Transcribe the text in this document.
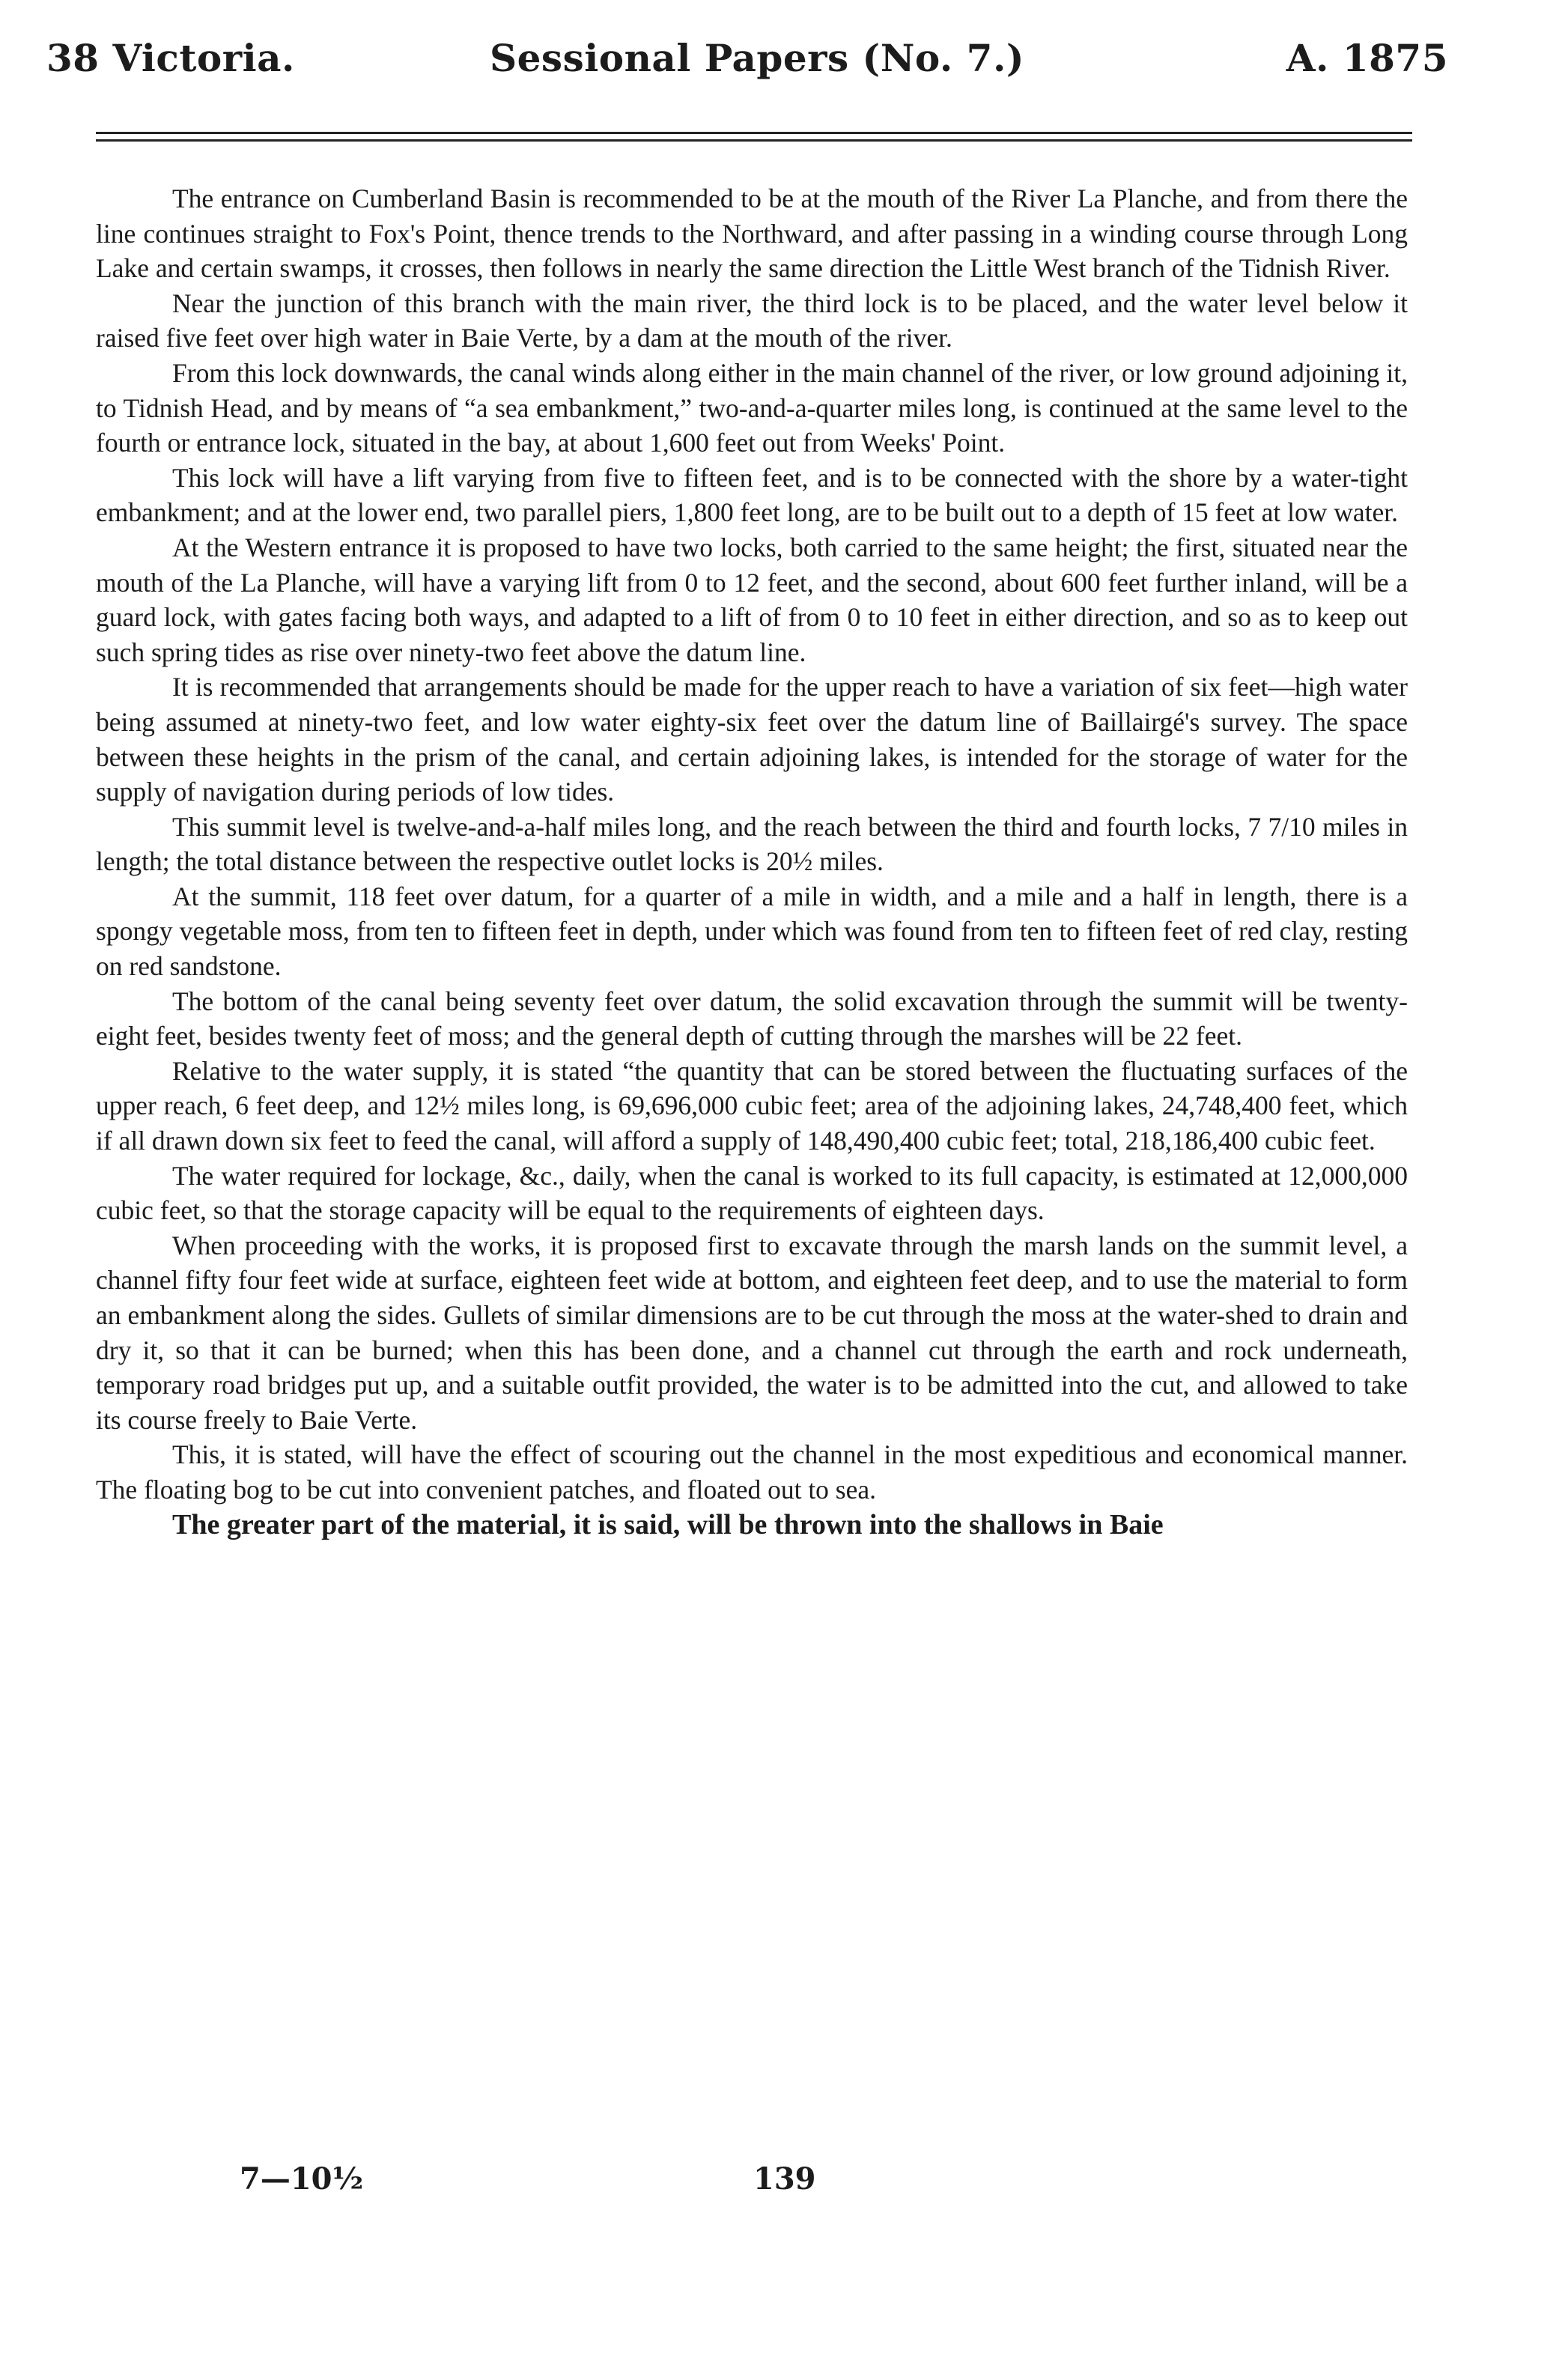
38 Victoria.	Sessional Papers (No. 7.)	A. 1875

The entrance on Cumberland Basin is recommended to be at the mouth of the River La Planche, and from there the line continues straight to Fox's Point, thence trends to the Northward, and after passing in a winding course through Long Lake and certain swamps, it crosses, then follows in nearly the same direction the Little West branch of the Tidnish River.

Near the junction of this branch with the main river, the third lock is to be placed, and the water level below it raised five feet over high water in Baie Verte, by a dam at the mouth of the river.

From this lock downwards, the canal winds along either in the main channel of the river, or low ground adjoining it, to Tidnish Head, and by means of “a sea embankment,” two-and-a-quarter miles long, is continued at the same level to the fourth or entrance lock, situated in the bay, at about 1,600 feet out from Weeks' Point.

This lock will have a lift varying from five to fifteen feet, and is to be connected with the shore by a water-tight embankment; and at the lower end, two parallel piers, 1,800 feet long, are to be built out to a depth of 15 feet at low water.

At the Western entrance it is proposed to have two locks, both carried to the same height; the first, situated near the mouth of the La Planche, will have a varying lift from 0 to 12 feet, and the second, about 600 feet further inland, will be a guard lock, with gates facing both ways, and adapted to a lift of from 0 to 10 feet in either direction, and so as to keep out such spring tides as rise over ninety-two feet above the datum line.

It is recommended that arrangements should be made for the upper reach to have a variation of six feet—high water being assumed at ninety-two feet, and low water eighty-six feet over the datum line of Baillairgé's survey. The space between these heights in the prism of the canal, and certain adjoining lakes, is intended for the storage of water for the supply of navigation during periods of low tides.

This summit level is twelve-and-a-half miles long, and the reach between the third and fourth locks, 7 7/10 miles in length; the total distance between the respective outlet locks is 20½ miles.

At the summit, 118 feet over datum, for a quarter of a mile in width, and a mile and a half in length, there is a spongy vegetable moss, from ten to fifteen feet in depth, under which was found from ten to fifteen feet of red clay, resting on red sandstone.

The bottom of the canal being seventy feet over datum, the solid excavation through the summit will be twenty-eight feet, besides twenty feet of moss; and the general depth of cutting through the marshes will be 22 feet.

Relative to the water supply, it is stated “the quantity that can be stored between the fluctuating surfaces of the upper reach, 6 feet deep, and 12½ miles long, is 69,696,000 cubic feet; area of the adjoining lakes, 24,748,400 feet, which if all drawn down six feet to feed the canal, will afford a supply of 148,490,400 cubic feet; total, 218,186,400 cubic feet.

The water required for lockage, &c., daily, when the canal is worked to its full capacity, is estimated at 12,000,000 cubic feet, so that the storage capacity will be equal to the requirements of eighteen days.

When proceeding with the works, it is proposed first to excavate through the marsh lands on the summit level, a channel fifty four feet wide at surface, eighteen feet wide at bottom, and eighteen feet deep, and to use the material to form an embankment along the sides. Gullets of similar dimensions are to be cut through the moss at the water-shed to drain and dry it, so that it can be burned; when this has been done, and a channel cut through the earth and rock underneath, temporary road bridges put up, and a suitable outfit provided, the water is to be admitted into the cut, and allowed to take its course freely to Baie Verte.

This, it is stated, will have the effect of scouring out the channel in the most expeditious and economical manner. The floating bog to be cut into convenient patches, and floated out to sea.

The greater part of the material, it is said, will be thrown into the shallows in Baie

7—10½	139
